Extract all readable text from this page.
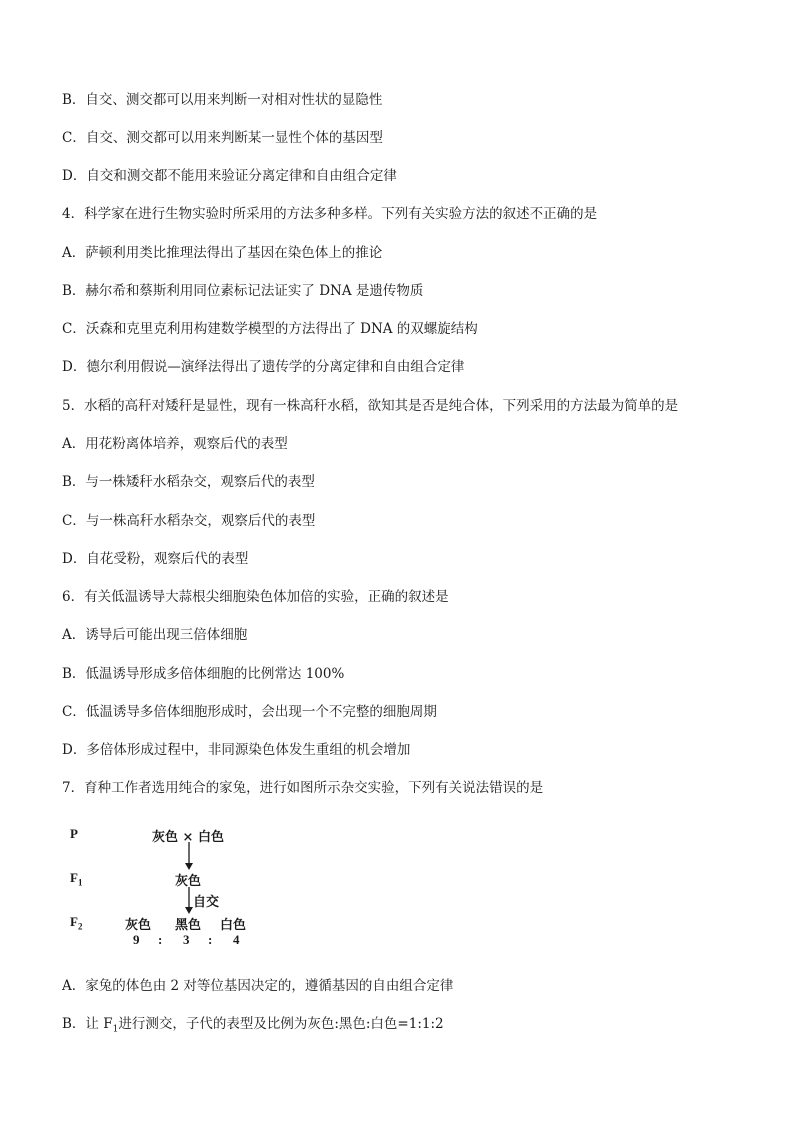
B．自交、测交都可以用来判断一对相对性状的显隐性
C．自交、测交都可以用来判断某一显性个体的基因型
D．自交和测交都不能用来验证分离定律和自由组合定律
4．科学家在进行生物实验时所采用的方法多种多样。下列有关实验方法的叙述不正确的是
A．萨顿利用类比推理法得出了基因在染色体上的推论
B．赫尔希和蔡斯利用同位素标记法证实了 DNA 是遗传物质
C．沃森和克里克利用构建数学模型的方法得出了 DNA 的双螺旋结构
D．德尔利用假说—演绎法得出了遗传学的分离定律和自由组合定律
5．水稻的高秆对矮秆是显性，现有一株高秆水稻，欲知其是否是纯合体，下列采用的方法最为简单的是
A．用花粉离体培养，观察后代的表型
B．与一株矮秆水稻杂交，观察后代的表型
C．与一株高秆水稻杂交，观察后代的表型
D．自花受粉，观察后代的表型
6．有关低温诱导大蒜根尖细胞染色体加倍的实验，正确的叙述是
A．诱导后可能出现三倍体细胞
B．低温诱导形成多倍体细胞的比例常达 100%
C．低温诱导多倍体细胞形成时，会出现一个不完整的细胞周期
D．多倍体形成过程中，非同源染色体发生重组的机会增加
7．育种工作者选用纯合的家兔，进行如图所示杂交实验，下列有关说法错误的是
P	灰色 × 白色
$F_1$	灰色
自交
$F_2$	灰色 黑色 白色
9 : 3 : 4
A．家兔的体色由 2 对等位基因决定的，遵循基因的自由组合定律
B．让 $F_1$进行测交，子代的表型及比例为灰色:黑色:白色=1:1:2
